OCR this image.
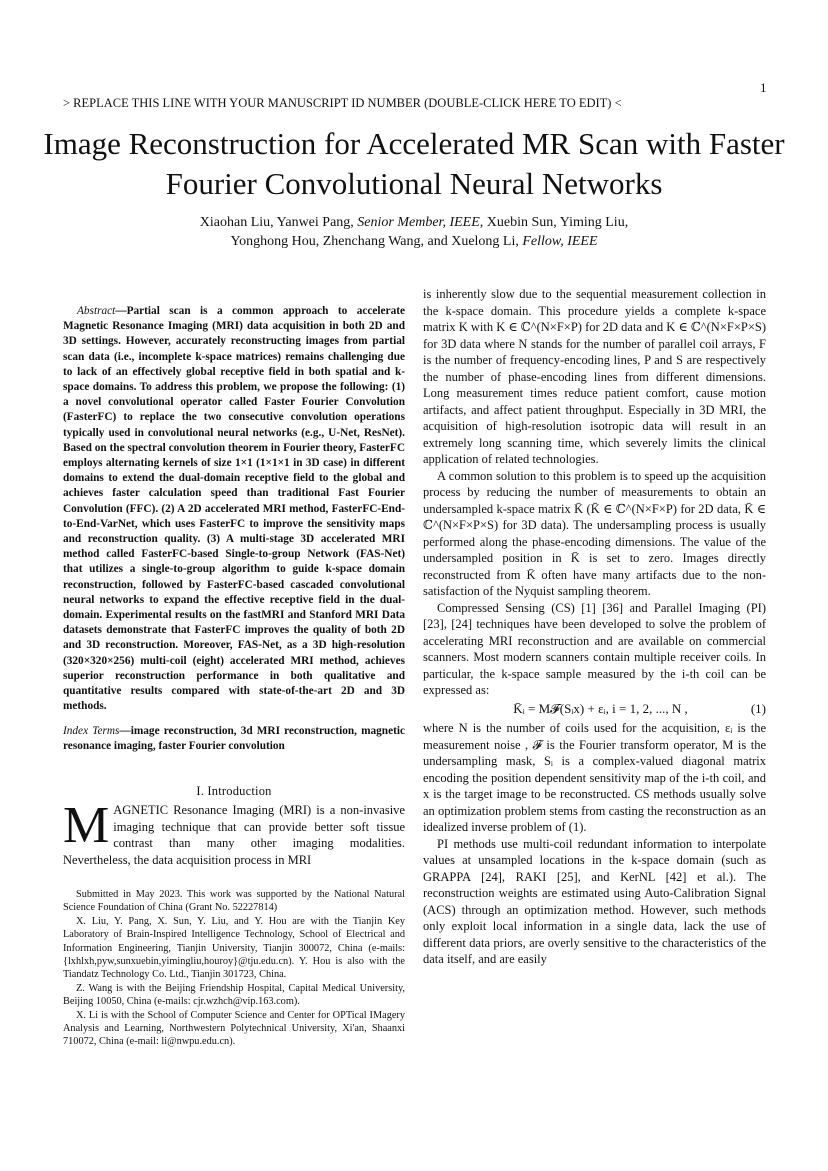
1
> REPLACE THIS LINE WITH YOUR MANUSCRIPT ID NUMBER (DOUBLE-CLICK HERE TO EDIT) <
Image Reconstruction for Accelerated MR Scan with Faster Fourier Convolutional Neural Networks
Xiaohan Liu, Yanwei Pang, Senior Member, IEEE, Xuebin Sun, Yiming Liu,
Yonghong Hou, Zhenchang Wang, and Xuelong Li, Fellow, IEEE
Abstract—Partial scan is a common approach to accelerate Magnetic Resonance Imaging (MRI) data acquisition in both 2D and 3D settings. However, accurately reconstructing images from partial scan data (i.e., incomplete k-space matrices) remains challenging due to lack of an effectively global receptive field in both spatial and k-space domains. To address this problem, we propose the following: (1) a novel convolutional operator called Faster Fourier Convolution (FasterFC) to replace the two consecutive convolution operations typically used in convolutional neural networks (e.g., U-Net, ResNet). Based on the spectral convolution theorem in Fourier theory, FasterFC employs alternating kernels of size 1×1 (1×1×1 in 3D case) in different domains to extend the dual-domain receptive field to the global and achieves faster calculation speed than traditional Fast Fourier Convolution (FFC). (2) A 2D accelerated MRI method, FasterFC-End-to-End-VarNet, which uses FasterFC to improve the sensitivity maps and reconstruction quality. (3) A multi-stage 3D accelerated MRI method called FasterFC-based Single-to-group Network (FAS-Net) that utilizes a single-to-group algorithm to guide k-space domain reconstruction, followed by FasterFC-based cascaded convolutional neural networks to expand the effective receptive field in the dual-domain. Experimental results on the fastMRI and Stanford MRI Data datasets demonstrate that FasterFC improves the quality of both 2D and 3D reconstruction. Moreover, FAS-Net, as a 3D high-resolution (320×320×256) multi-coil (eight) accelerated MRI method, achieves superior reconstruction performance in both qualitative and quantitative results compared with state-of-the-art 2D and 3D methods.
Index Terms—image reconstruction, 3d MRI reconstruction, magnetic resonance imaging, faster Fourier convolution
I. Introduction
MAGNETIC Resonance Imaging (MRI) is a non-invasive imaging technique that can provide better soft tissue contrast than many other imaging modalities. Nevertheless, the data acquisition process in MRI

Submitted in May 2023. This work was supported by the National Natural Science Foundation of China (Grant No. 52227814)

X. Liu, Y. Pang, X. Sun, Y. Liu, and Y. Hou are with the Tianjin Key Laboratory of Brain-Inspired Intelligence Technology, School of Electrical and Information Engineering, Tianjin University, Tianjin 300072, China (e-mails: {lxhlxh,pyw,sunxuebin,yimingliu,houroy}@tju.edu.cn). Y. Hou is also with the Tiandatz Technology Co. Ltd., Tianjin 301723, China.

Z. Wang is with the Beijing Friendship Hospital, Capital Medical University, Beijing 10050, China (e-mails: cjr.wzhch@vip.163.com).

X. Li is with the School of Computer Science and Center for OPTical IMagery Analysis and Learning, Northwestern Polytechnical University, Xi'an, Shaanxi 710072, China (e-mail: li@nwpu.edu.cn).

is inherently slow due to the sequential measurement collection in the k-space domain. This procedure yields a complete k-space matrix K with K ∈ ℂ^(N×F×P) for 2D data and K ∈ ℂ^(N×F×P×S) for 3D data where N stands for the number of parallel coil arrays, F is the number of frequency-encoding lines, P and S are respectively the number of phase-encoding lines from different dimensions. Long measurement times reduce patient comfort, cause motion artifacts, and affect patient throughput. Especially in 3D MRI, the acquisition of high-resolution isotropic data will result in an extremely long scanning time, which severely limits the clinical application of related technologies.

A common solution to this problem is to speed up the acquisition process by reducing the number of measurements to obtain an undersampled k-space matrix K̄ (K̄ ∈ ℂ^(N×F×P) for 2D data, K̄ ∈ ℂ^(N×F×P×S) for 3D data). The undersampling process is usually performed along the phase-encoding dimensions. The value of the undersampled position in K̄ is set to zero. Images directly reconstructed from K̄ often have many artifacts due to the non-satisfaction of the Nyquist sampling theorem.

Compressed Sensing (CS) [1] [36] and Parallel Imaging (PI) [23], [24] techniques have been developed to solve the problem of accelerating MRI reconstruction and are available on commercial scanners. Most modern scanners contain multiple receiver coils. In particular, the k-space sample measured by the i-th coil can be expressed as:

K̄ᵢ = M𝓕(Sᵢx) + εᵢ, i = 1, 2, ..., N ,	(1)

where N is the number of coils used for the acquisition, εᵢ is the measurement noise , 𝓕 is the Fourier transform operator, M is the undersampling mask, Sᵢ is a complex-valued diagonal matrix encoding the position dependent sensitivity map of the i-th coil, and x is the target image to be reconstructed. CS methods usually solve an optimization problem stems from casting the reconstruction as an idealized inverse problem of (1).

PI methods use multi-coil redundant information to interpolate values at unsampled locations in the k-space domain (such as GRAPPA [24], RAKI [25], and KerNL [42] et al.). The reconstruction weights are estimated using Auto-Calibration Signal (ACS) through an optimization method. However, such methods only exploit local information in a single data, lack the use of different data priors, are overly sensitive to the characteristics of the data itself, and are easily
